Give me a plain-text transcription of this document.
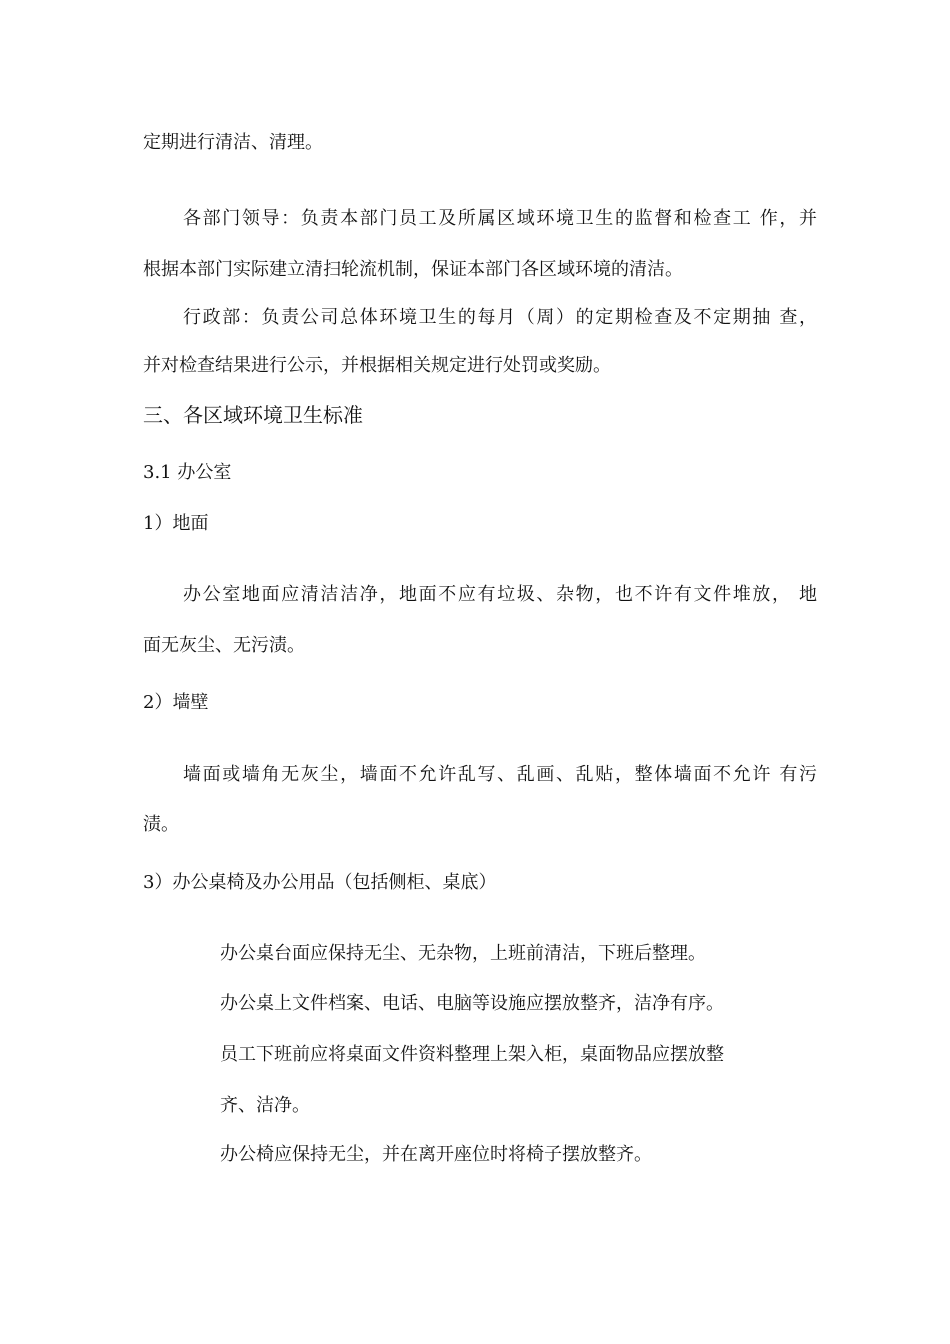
定期进行清洁、清理。
各部门领导：负责本部门员工及所属区域环境卫生的监督和检查工 作，并
根据本部门实际建立清扫轮流机制，保证本部门各区域环境的清洁。
行政部：负责公司总体环境卫生的每月（周）的定期检查及不定期抽 查，
并对检查结果进行公示，并根据相关规定进行处罚或奖励。
三、各区域环境卫生标准
3.1 办公室
1）地面
办公室地面应清洁洁净，地面不应有垃圾、杂物，也不许有文件堆放， 地
面无灰尘、无污渍。
2）墙壁
墙面或墙角无灰尘，墙面不允许乱写、乱画、乱贴，整体墙面不允许 有污
渍。
3）办公桌椅及办公用品（包括侧柜、桌底）
办公桌台面应保持无尘、无杂物，上班前清洁，下班后整理。
办公桌上文件档案、电话、电脑等设施应摆放整齐，洁净有序。
员工下班前应将桌面文件资料整理上架入柜，桌面物品应摆放整
齐、洁净。
办公椅应保持无尘，并在离开座位时将椅子摆放整齐。
